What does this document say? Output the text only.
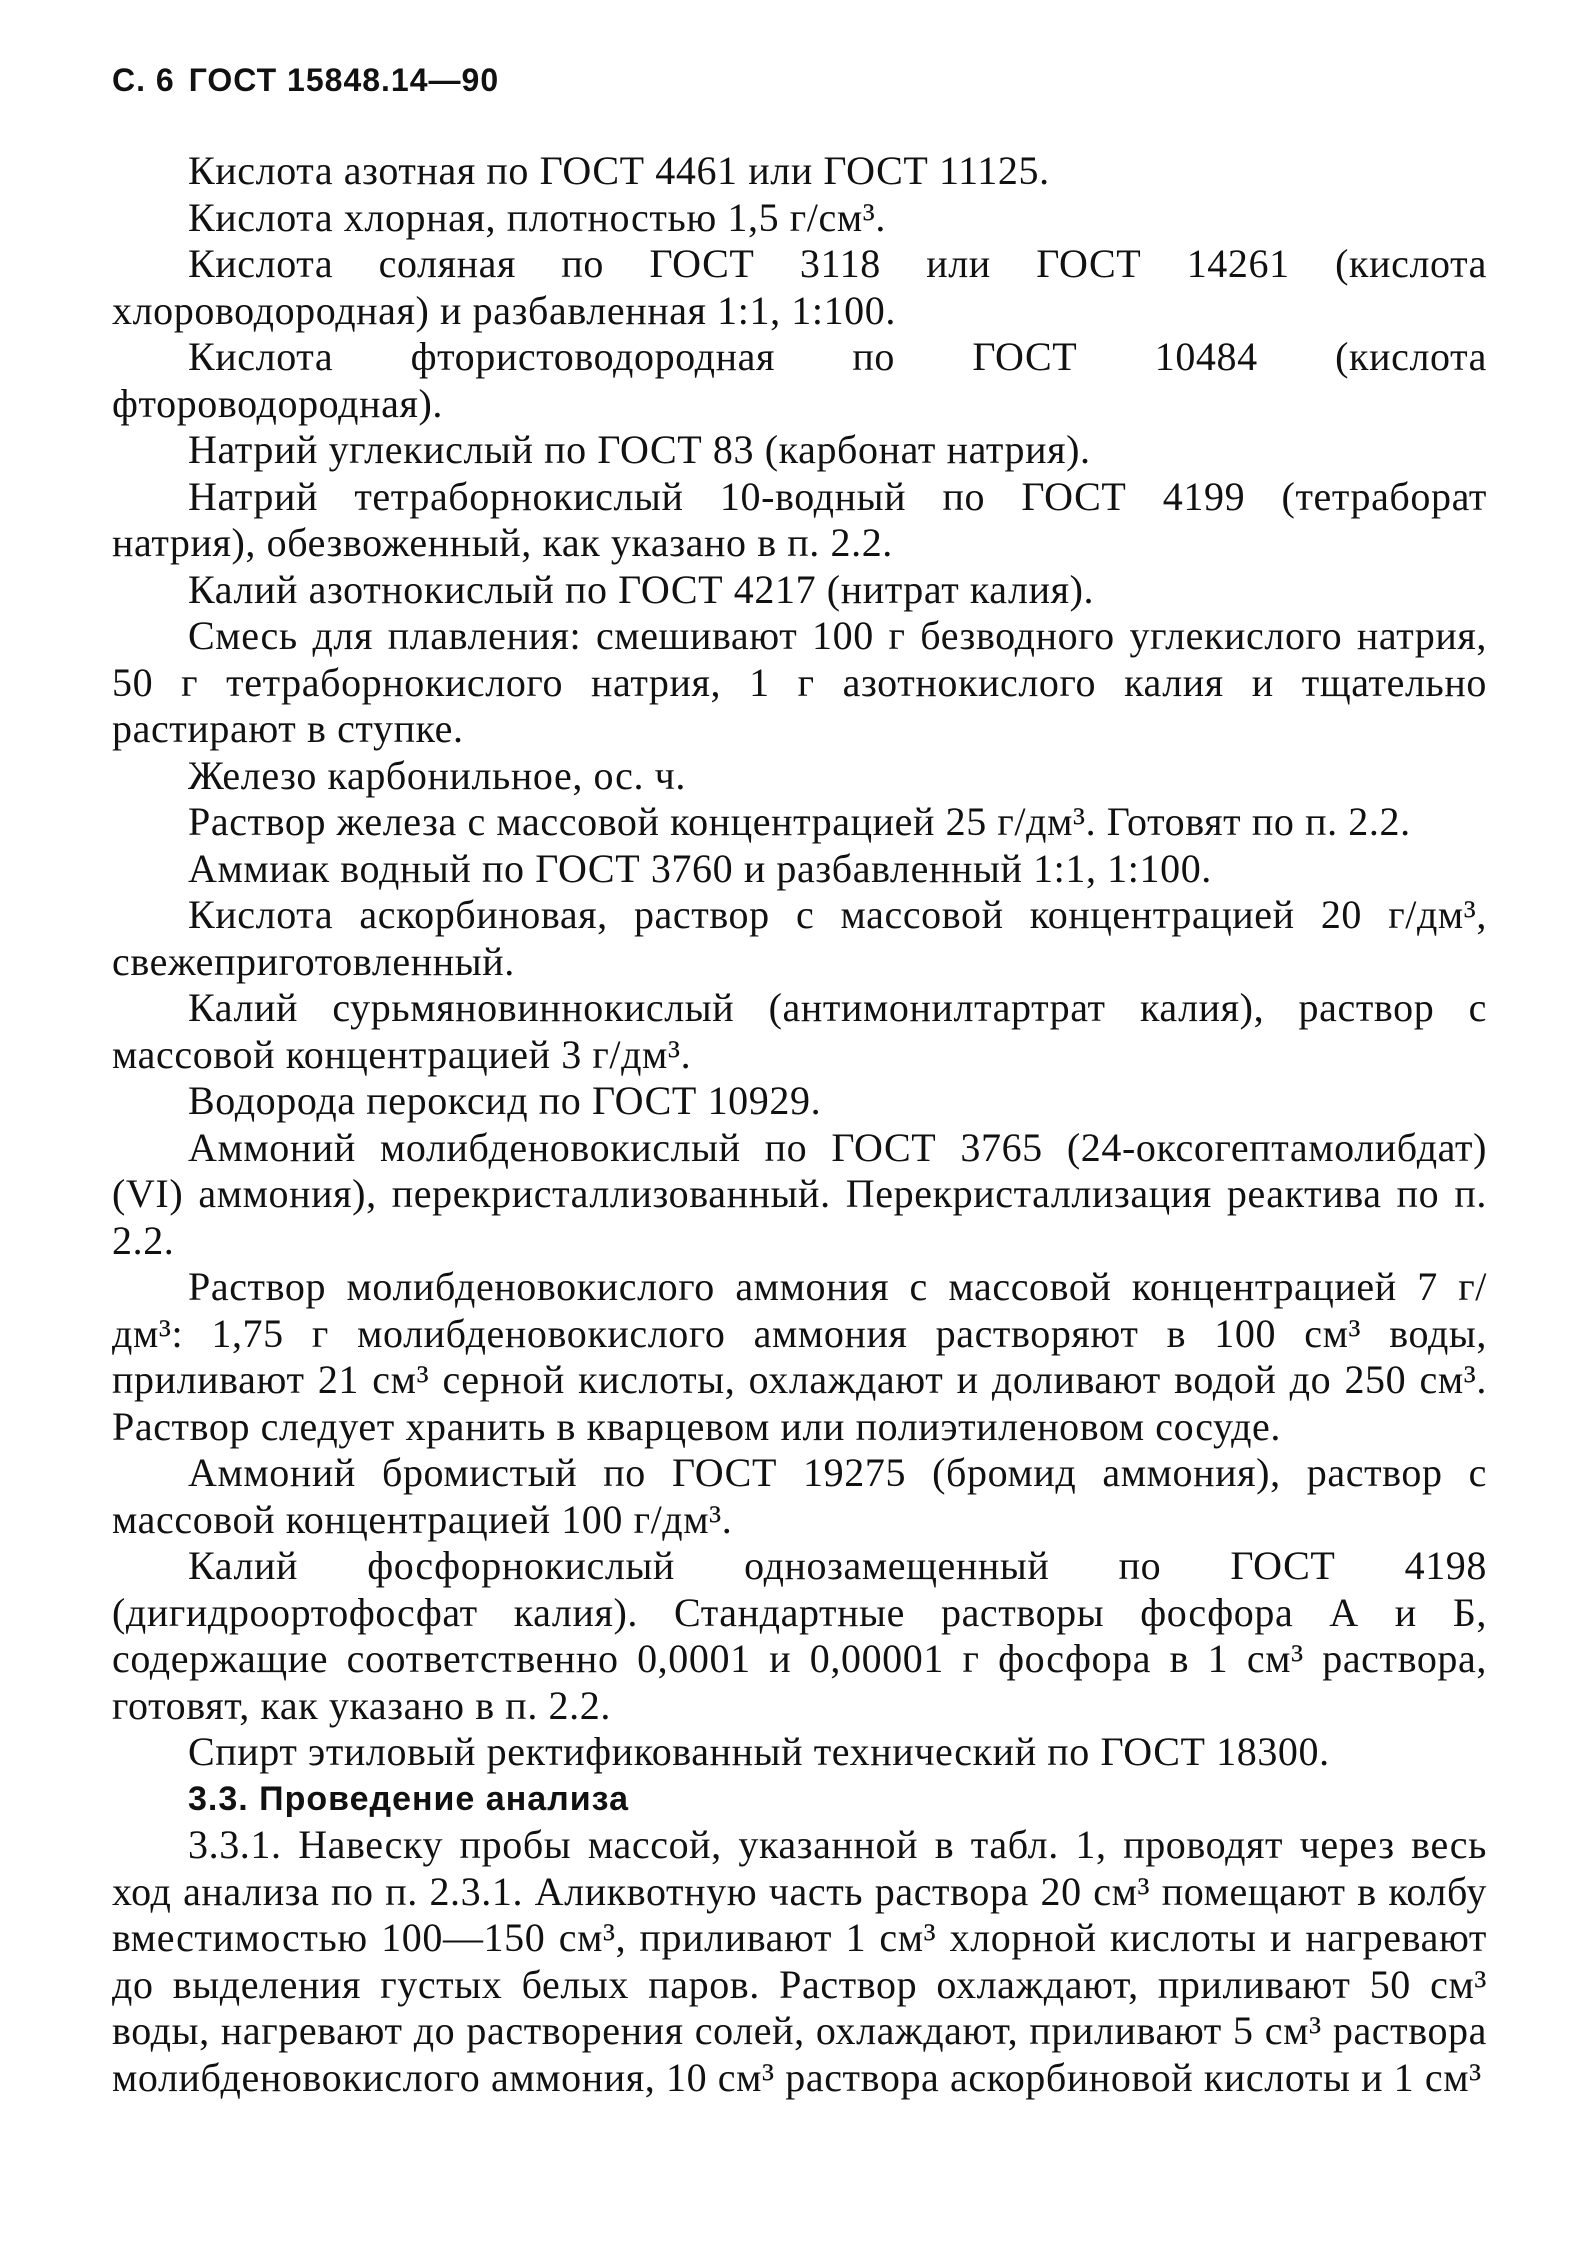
С. 6 ГОСТ 15848.14—90

Кислота азотная по ГОСТ 4461 или ГОСТ 11125.

Кислота хлорная, плотностью 1,5 г/см³.

Кислота соляная по ГОСТ 3118 или ГОСТ 14261 (кислота хлороводородная) и разбавленная 1:1, 1:100.

Кислота фтористоводородная по ГОСТ 10484 (кислота фтороводородная).

Натрий углекислый по ГОСТ 83 (карбонат натрия).

Натрий тетраборнокислый 10-водный по ГОСТ 4199 (тетраборат натрия), обезвоженный, как указано в п. 2.2.

Калий азотнокислый по ГОСТ 4217 (нитрат калия).

Смесь для плавления: смешивают 100 г безводного углекислого натрия, 50 г тетраборнокислого натрия, 1 г азотнокислого калия и тщательно растирают в ступке.

Железо карбонильное, ос. ч.

Раствор железа с массовой концентрацией 25 г/дм³. Готовят по п. 2.2.

Аммиак водный по ГОСТ 3760 и разбавленный 1:1, 1:100.

Кислота аскорбиновая, раствор с массовой концентрацией 20 г/дм³, свежеприготовленный.

Калий сурьмяновиннокислый (антимонилтартрат калия), раствор с массовой концентрацией 3 г/дм³.

Водорода пероксид по ГОСТ 10929.

Аммоний молибденовокислый по ГОСТ 3765 (24-оксогептамолибдат) (VI) аммония), перекристаллизованный. Перекристаллизация реактива по п. 2.2.

Раствор молибденовокислого аммония с массовой концентрацией 7 г/дм³: 1,75 г молибденовокислого аммония растворяют в 100 см³ воды, приливают 21 см³ серной кислоты, охлаждают и доливают водой до 250 см³. Раствор следует хранить в кварцевом или полиэтиленовом сосуде.

Аммоний бромистый по ГОСТ 19275 (бромид аммония), раствор с массовой концентрацией 100 г/дм³.

Калий фосфорнокислый однозамещенный по ГОСТ 4198 (дигидроортофосфат калия). Стандартные растворы фосфора А и Б, содержащие соответственно 0,0001 и 0,00001 г фосфора в 1 см³ раствора, готовят, как указано в п. 2.2.

Спирт этиловый ректификованный технический по ГОСТ 18300.

3.3. Проведение анализа

3.3.1. Навеску пробы массой, указанной в табл. 1, проводят через весь ход анализа по п. 2.3.1. Аликвотную часть раствора 20 см³ помещают в колбу вместимостью 100—150 см³, приливают 1 см³ хлорной кислоты и нагревают до выделения густых белых паров. Раствор охлаждают, приливают 50 см³ воды, нагревают до растворения солей, охлаждают, приливают 5 см³ раствора молибденовокислого аммония, 10 см³ раствора аскорбиновой кислоты и 1 см³
